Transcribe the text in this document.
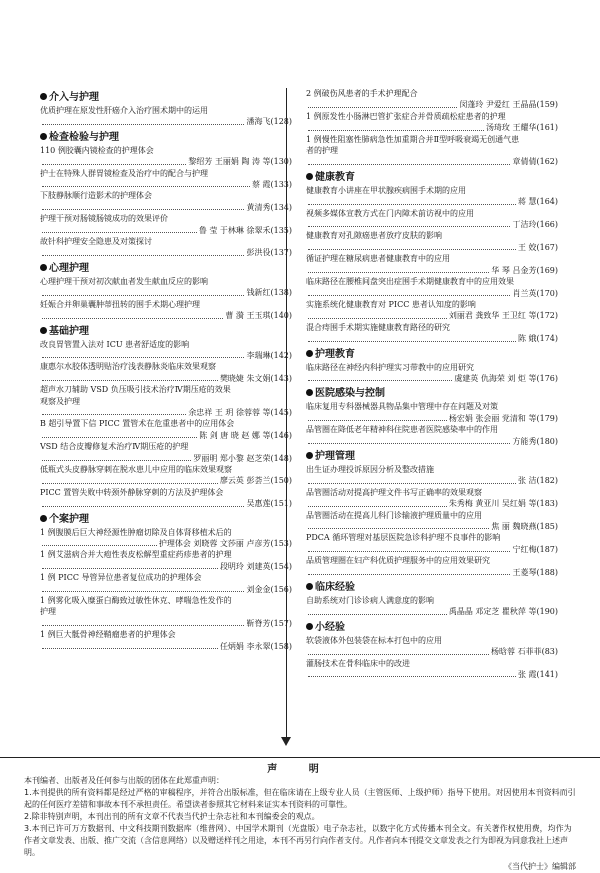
介入与护理
优质护理在原发性肝癌介入治疗围术期中的运用
潘海飞 (128)
检查检验与护理
110 例胶囊内镜检查的护理体会
黎绍芳 王丽娟 陶 涛 等 (130)
护士在特殊人群胃镜检查及治疗中的配合与护理
蔡 霞 (133)
下肢静脉顺行造影术的护理体会
黄清秀 (134)
护理干预对肠镜肠镜成功的效果评价
鲁 莹 于林琳 徐翠禾 (135)
故针科护理安全隐患及对策探讨
彭洪役 (137)
心理护理
心理护理干预对初次献血者发生献血反应的影响
钱新红 (138)
妊娠合并卵巢囊肿蒂扭转的围手术期心理护理
曹 漪 王玉琪 (140)
基础护理
改良胃管置入法对 ICU 患者舒适度的影响
李瑞琳 (142)
康惠尔水胶体透明贴治疗浅表静脉炎临床效果观察
樊晓婕 朱文娟 (143)
超声水刀辅助 VSD 负压吸引技术治疗Ⅳ期压疮的效果
观察及护理
余忠祥 王 玥 徐蓉蓉 等 (145)
B 超引导置下信 PICC 置管术在危重患者中的应用体会
陈 剑 唐 晓 赵 娜 等 (146)
VSD 结合皮瓣修复术治疗Ⅳ期压疮的护理
罗丽明 郑小黎 赵芝荣 (148)
低瓶式头皮静脉穿刺在脱水患儿中应用的临床效果观察
廖云英 彭荟兰 (150)
PICC 置管失败中转颈外静脉穿刺的方法及护理体会
吴惠莲 (151)
个案护理
1 例腹膜后巨大神经源性肿瘤切除及自体肾移植术后的
护理体会 刘晓蓉 文莎丽 卢彦芳 (153)
1 例艾滋病合并大疱性表皮松解型重症药疹患者的护理
段明玲 刘建英 (154)
1 例 PICC 导管异位患者复位成功的护理体会
刘金金 (156)
1 例雾化吸入糜蛋白酶致过敏性休克、哮喘急性发作的
护理
靳脊芳 (157)
1 例巨大骶骨神经鞘瘤患者的护理体会
任炳娟 李永翠 (158)
2 例破伤风患者的手术护理配合
闵蓬玲 尹爱红 王晶晶 (159)
1 例原发性小肠淋巴管扩张症合并骨质疏松症患者的护理
汤琦玫 王耀华 (161)
1 例慢性阻塞性肺病急性加重期合并Ⅱ型呼吸衰竭无创通气患
者的护理
章倩倩 (162)
健康教育
健康教育小讲座在甲状腺疾病围手术期的应用
蒋 慧 (164)
视频多媒体宣教方式在门内障术前访视中的应用
丁洁玲 (166)
健康教育对孔隙癌患者放疗皮肤的影响
王 姣 (167)
循证护理在糖尿病患者健康教育中的应用
华 琴 吕金芳 (169)
临床路径在腰椎间盘突出症围手术期健康教育中的应用效果
肖兰英 (170)
实施系统化健康教育对 PICC 患者认知度的影响
刘丽君 龚致华 王卫红 等 (172)
混合痔围手术期实施健康教育路径的研究
陈 娥 (174)
护理教育
临床路径在神经内科护理实习带教中的应用研究
虞建英 仇海荣 刘 炬 等 (176)
医院感染与控制
临床复用专科器械器具物品集中管理中存在问题及对策
杨宏娟 张会丽 党清和 等 (179)
品管圈在降低老年精神科住院患者医院感染率中的作用
方能秀 (180)
护理管理
出生证办理投诉原因分析及整改措施
张 洁 (182)
品管圈活动对提高护理文件书写正确率的效果观察
朱秀梅 黄亚川 吴红娟 等 (183)
品管圈活动在提高儿科门诊输液护理质量中的应用
焦 丽 魏晓燕 (185)
PDCA 循环管理对基层医院急诊科护理不良事件的影响
宁红梅 (187)
品质管理圈在妇产科优质护理服务中的应用效果研究
王菱琴 (188)
临床经验
自助系统对门诊诊病人满意度的影响
禹晶晶 邓定芝 瞿秋萍 等 (190)
小经验
软袋液体外包装袋在标本打包中的应用
杨晗蓉 石菲菲 (83)
灌肠技术在骨科临床中的改进
张 霞 (141)
声 明
本刊编者、出版者及任何参与出版的团体在此郑重声明：
1.本刊提供的所有资料都是经过严格的审稿程序，并符合出版标准，但在临床请在上级专业人员（主管医师、上级护师）指导下使用。对因使用本刊资料而引起的任何医疗差错和事故本刊不承担责任。希望读者参照其它材料来证实本刊资料的可靠性。
2.除非特别声明，本刊出刊的所有文章不代表当代护士杂志社和本刊编委会的观点。
3.本刊已许可万方数据刊、中文科技期刊数据库（维普网）、中国学术期刊（光盘版）电子杂志社，以数字化方式传播本刊全文。有关著作权使用费，均作为作者文章发表、出版、推广交流（含信息网络）以及赠送样刊之用途，本刊不再另行向作者支付。凡作者向本刊提交文章发表之行为即视为同意我社上述声明。
《当代护士》编辑部
